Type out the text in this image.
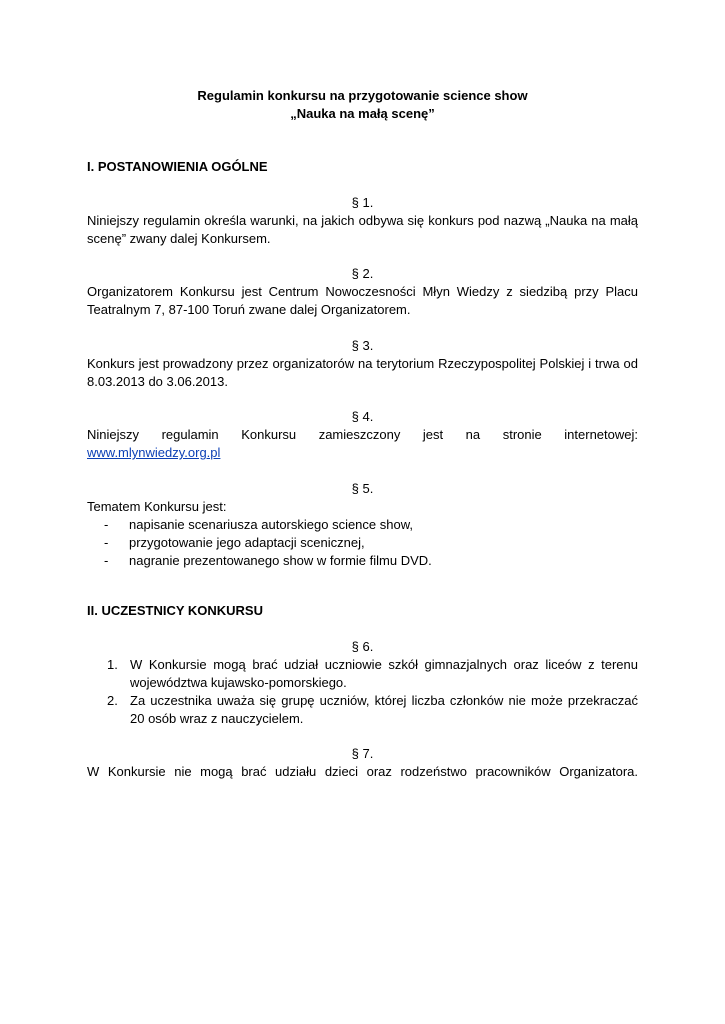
Regulamin konkursu na przygotowanie science show
„Nauka na małą scenę”
I. POSTANOWIENIA OGÓLNE
§ 1.
Niniejszy regulamin określa warunki, na jakich odbywa się konkurs pod nazwą „Nauka na małą scenę” zwany dalej Konkursem.
§ 2.
Organizatorem Konkursu jest Centrum Nowoczesności Młyn Wiedzy z siedzibą przy Placu Teatralnym 7, 87-100 Toruń zwane dalej Organizatorem.
§ 3.
Konkurs jest prowadzony przez organizatorów na terytorium Rzeczypospolitej Polskiej i trwa od 8.03.2013 do 3.06.2013.
§ 4.
Niniejszy regulamin Konkursu zamieszczony jest na stronie internetowej:
www.mlynwiedzy.org.pl
§ 5.
Tematem Konkursu jest:
- napisanie scenariusza autorskiego science show,
- przygotowanie jego adaptacji scenicznej,
- nagranie prezentowanego show w formie filmu DVD.
II. UCZESTNICY KONKURSU
§ 6.
1. W Konkursie mogą brać udział uczniowie szkół gimnazjalnych oraz liceów z terenu województwa kujawsko-pomorskiego.
2. Za uczestnika uważa się grupę uczniów, której liczba członków nie może przekraczać 20 osób wraz z nauczycielem.
§ 7.
W Konkursie nie mogą brać udziału dzieci oraz rodzeństwo pracowników Organizatora.
